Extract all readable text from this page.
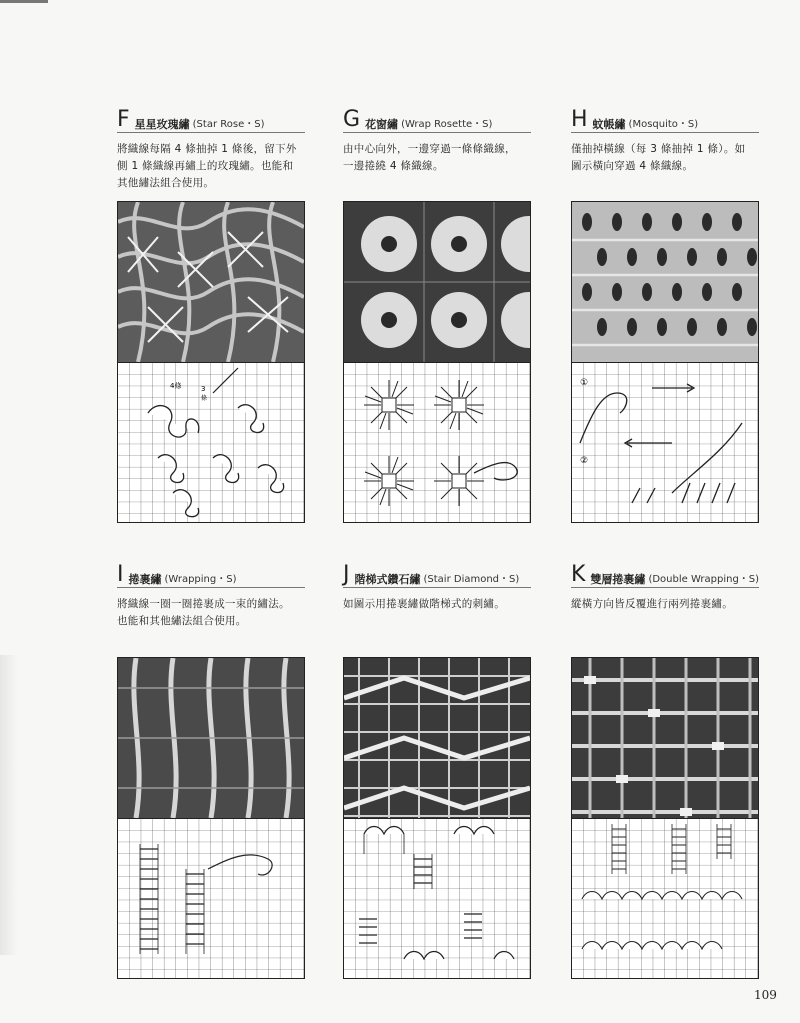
F 星星玫瑰繡 (Star Rose・S)
將織線每隔 4 條抽掉 1 條後，留下外
側 1 條織線再繡上的玫瑰繡。也能和
其他繡法組合使用。
4條	3
條
G 花窗繡 (Wrap Rosette・S)
由中心向外，一邊穿過一條條織線，
一邊捲繞 4 條織線。
H 蚊帳繡 (Mosquito・S)
僅抽掉橫線（每 3 條抽掉 1 條）。如
圖示橫向穿過 4 條織線。
①
②
I 捲裹繡 (Wrapping・S)
將織線一圈一圈捲裹成一束的繡法。
也能和其他繡法組合使用。
J 階梯式鑽石繡 (Stair Diamond・S)
如圖示用捲裹繡做階梯式的刺繡。
K 雙層捲裹繡 (Double Wrapping・S)
縱橫方向皆反覆進行兩列捲裹繡。
109
